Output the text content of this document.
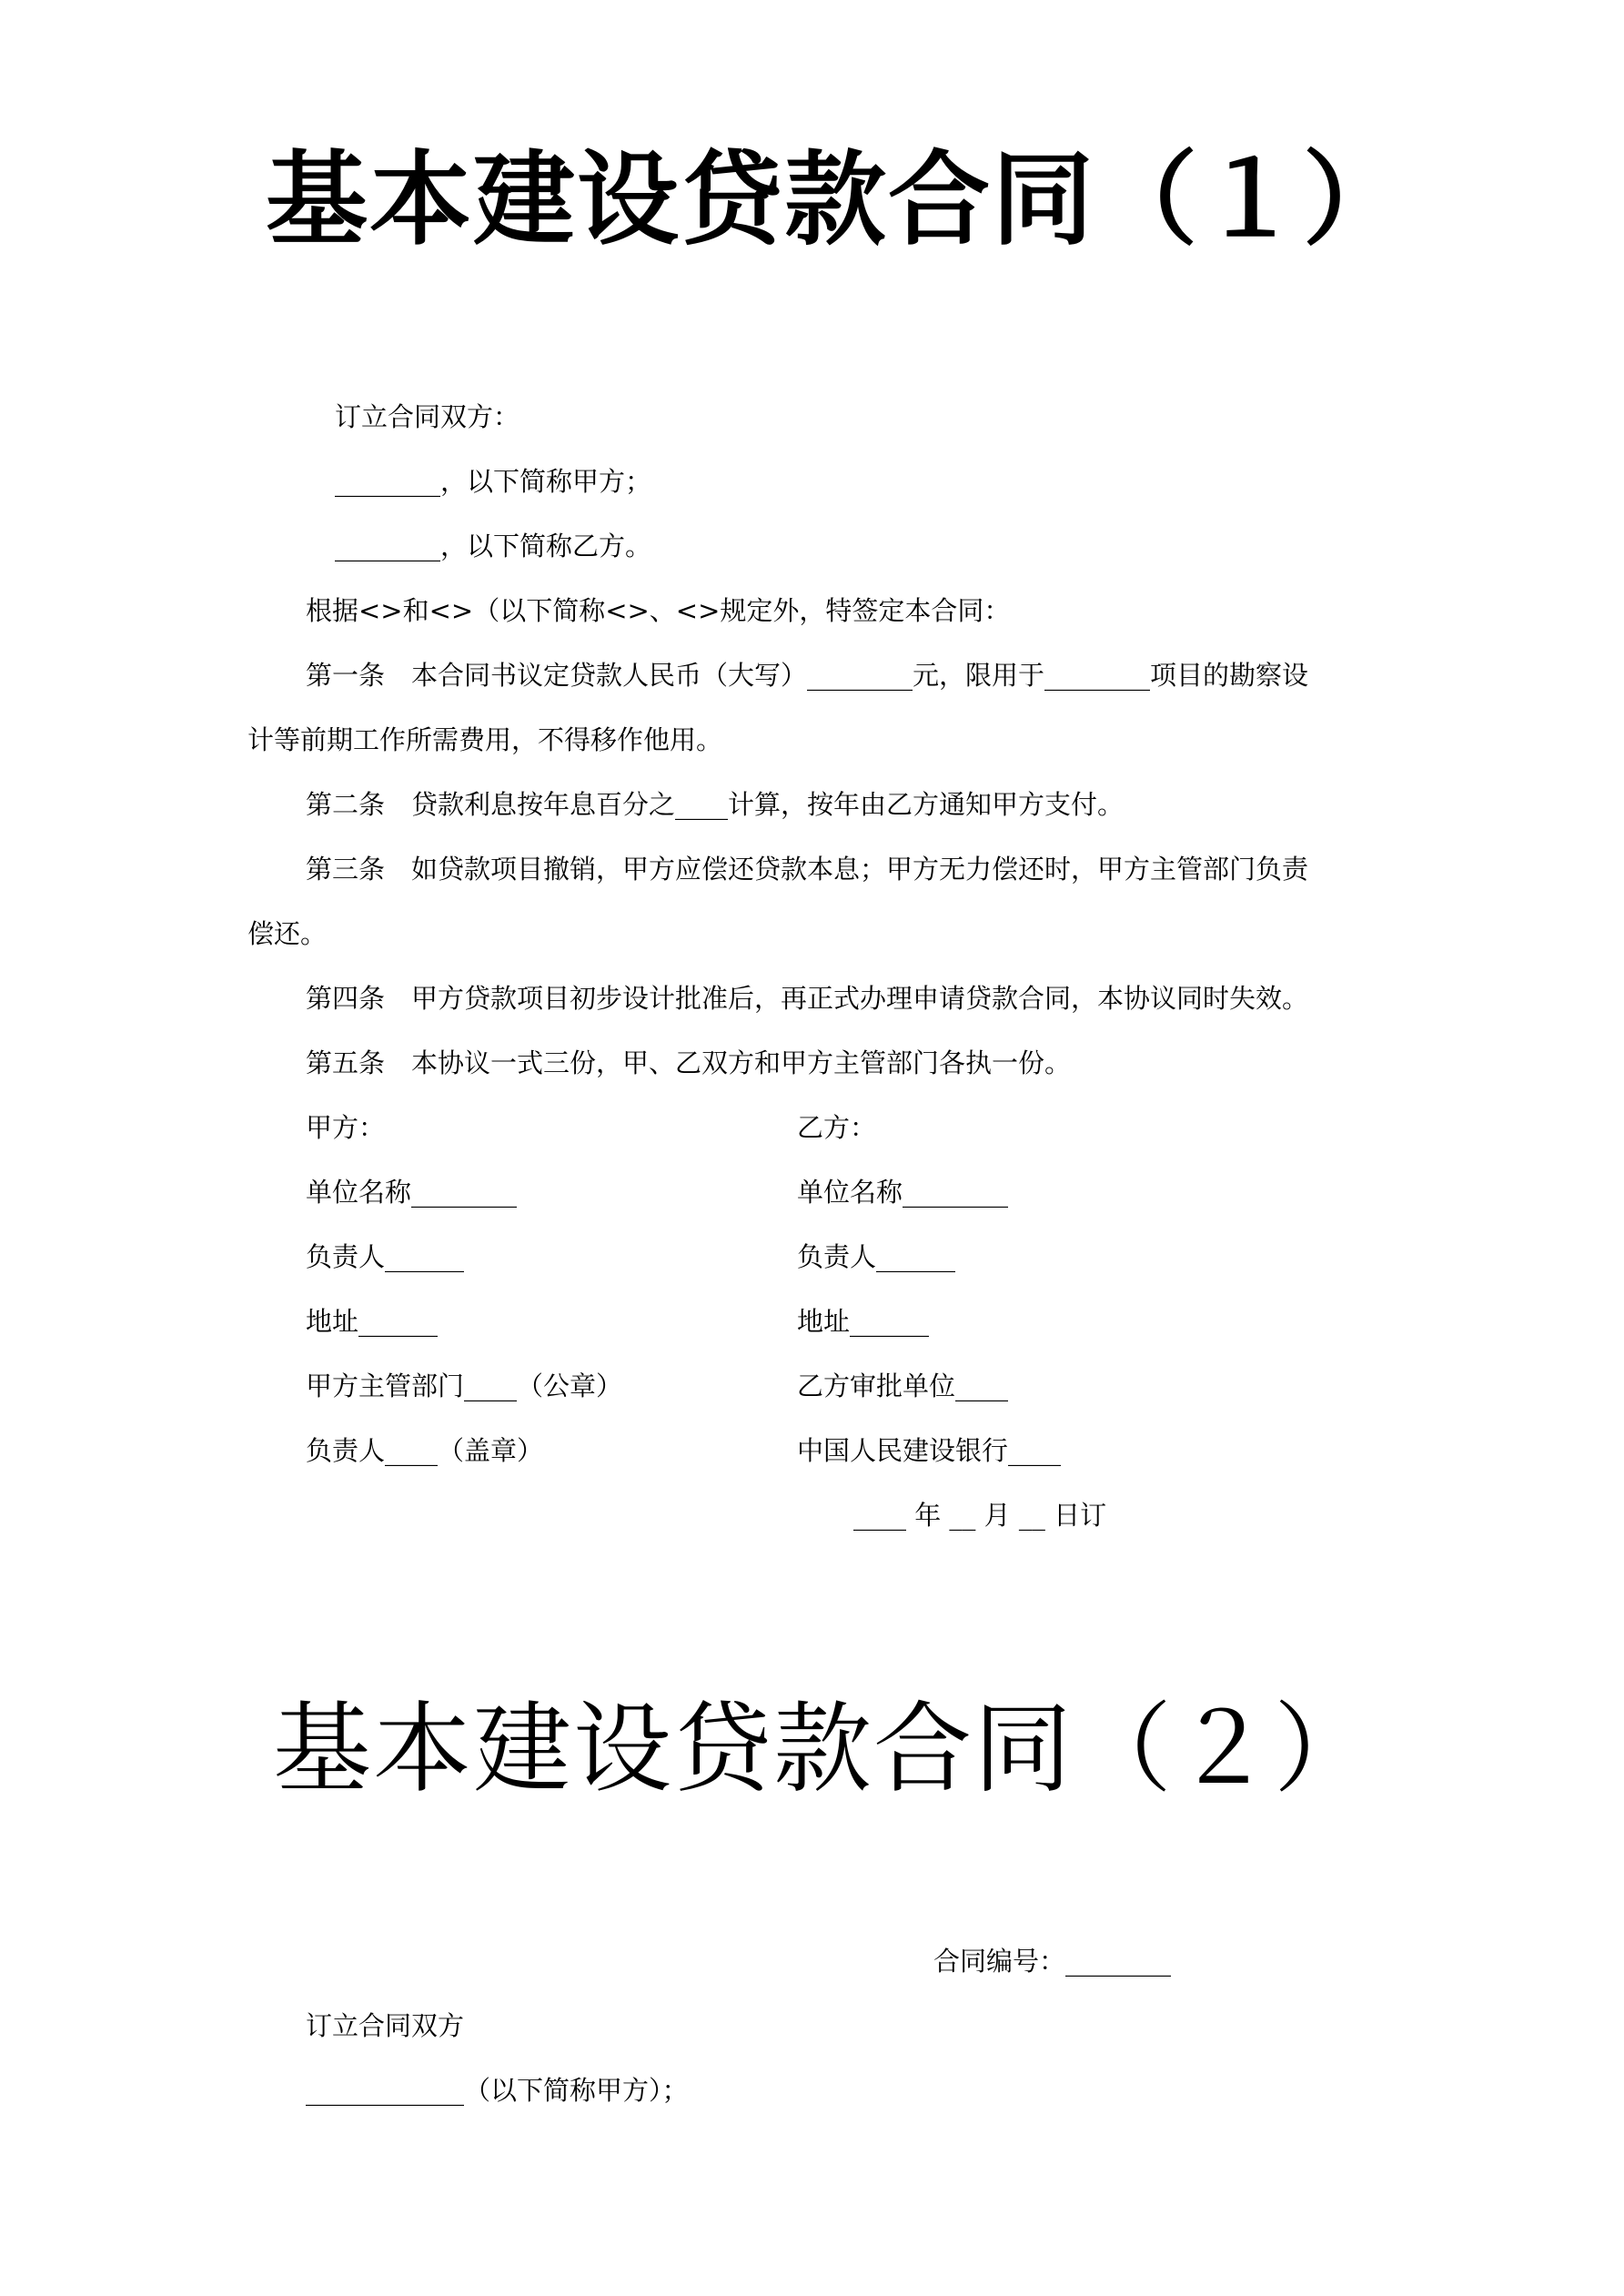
基本建设贷款合同（１）
订立合同双方：
________，以下简称甲方；
________，以下简称乙方。
根据<>和<>（以下简称<>、<>规定外，特签定本合同：
第一条　本合同书议定贷款人民币（大写）________元，限用于________项目的勘察设
计等前期工作所需费用，不得移作他用。
第二条　贷款利息按年息百分之____计算，按年由乙方通知甲方支付。
第三条　如贷款项目撤销，甲方应偿还贷款本息；甲方无力偿还时，甲方主管部门负责
偿还。
第四条　甲方贷款项目初步设计批准后，再正式办理申请贷款合同，本协议同时失效。
第五条　本协议一式三份，甲、乙双方和甲方主管部门各执一份。
甲方：
单位名称________
负责人______
地址______
甲方主管部门____（公章）
负责人____（盖章）
乙方：
单位名称________
负责人______
地址______
乙方审批单位____
中国人民建设银行____
____ 年 __ 月 __ 日订
基本建设贷款合同（２）
合同编号：________
订立合同双方
____________（以下简称甲方）；
